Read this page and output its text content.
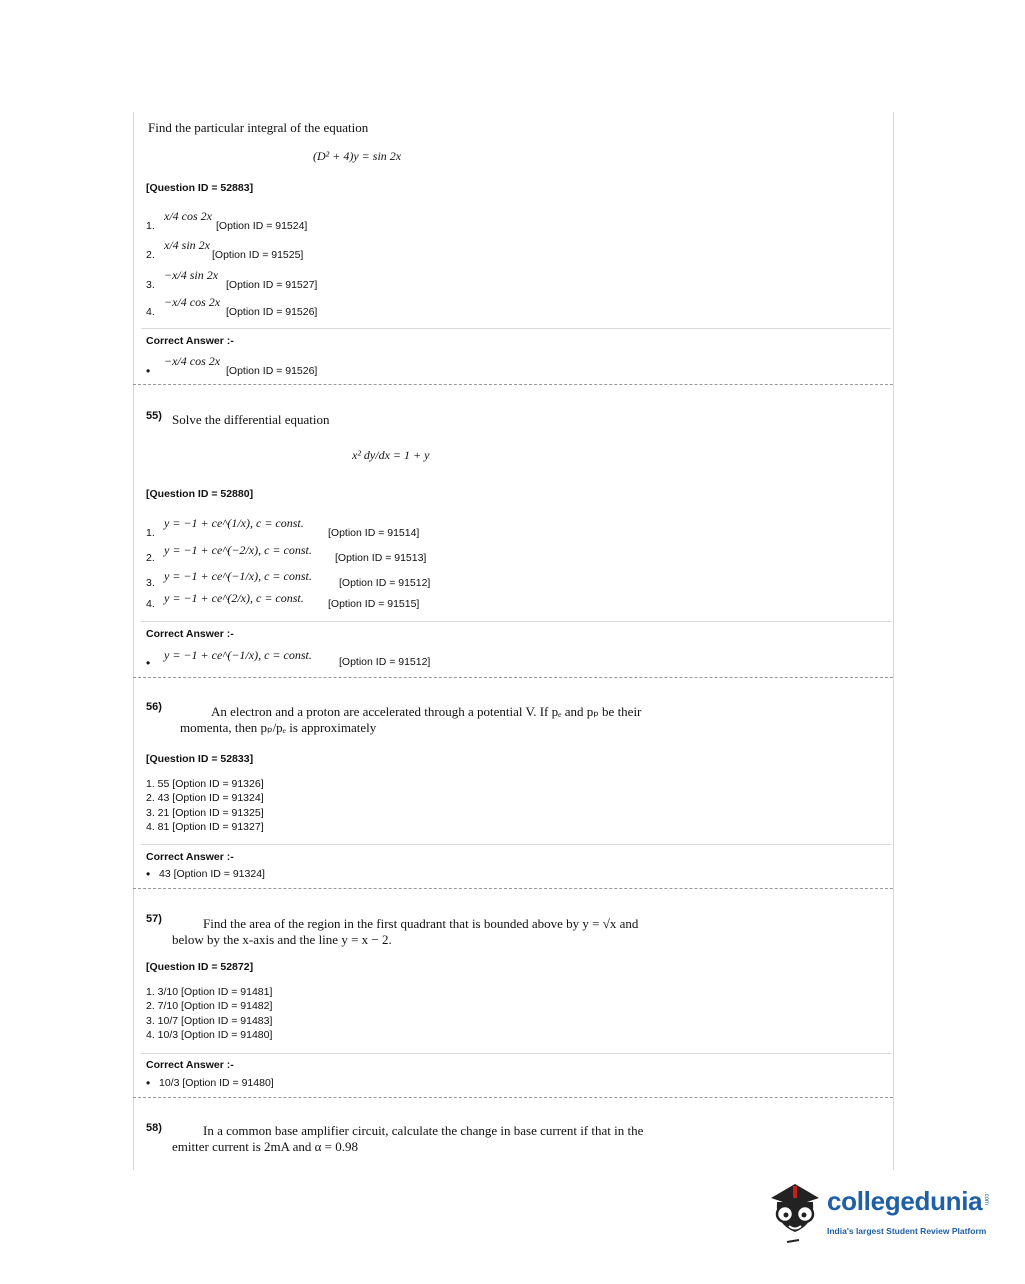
Find the particular integral of the equation
(D² + 4)y = sin 2x
[Question ID = 52883]
1.
x/4 cos 2x
[Option ID = 91524]
2.
x/4 sin 2x
[Option ID = 91525]
3.
−x/4 sin 2x
[Option ID = 91527]
4.
−x/4 cos 2x
[Option ID = 91526]
Correct Answer :-
•
−x/4 cos 2x
[Option ID = 91526]
55) Solve the differential equation
x² dy/dx = 1 + y
[Question ID = 52880]
1.
y = −1 + ce^(1/x), c = const.
[Option ID = 91514]
2.
y = −1 + ce^(−2/x), c = const.
[Option ID = 91513]
3. y = −1 + ce^(−1/x), c = const.	[Option ID = 91512]
4. y = −1 + ce^(2/x), c = const. [Option ID = 91515]
Correct Answer :-
•
y = −1 + ce^(−1/x), c = const.	[Option ID = 91512]
56)	An electron and a proton are accelerated through a potential V. If pₑ and pₚ be their
momenta, then pₚ/pₑ is approximately
[Question ID = 52833]
1. 55 [Option ID = 91326]
2. 43 [Option ID = 91324]
3. 21 [Option ID = 91325]
4. 81 [Option ID = 91327]
Correct Answer :-
• 43 [Option ID = 91324]
57)	Find the area of the region in the first quadrant that is bounded above by y = √x and
below by the x-axis and the line y = x − 2.
[Question ID = 52872]
1. 3/10 [Option ID = 91481]
2. 7/10 [Option ID = 91482]
3. 10/7 [Option ID = 91483]
4. 10/3 [Option ID = 91480]
Correct Answer :-
• 10/3 [Option ID = 91480]
58)	In a common base amplifier circuit, calculate the change in base current if that in the
emitter current is 2mA and α = 0.98
collegedunia .com
India's largest Student Review Platform
